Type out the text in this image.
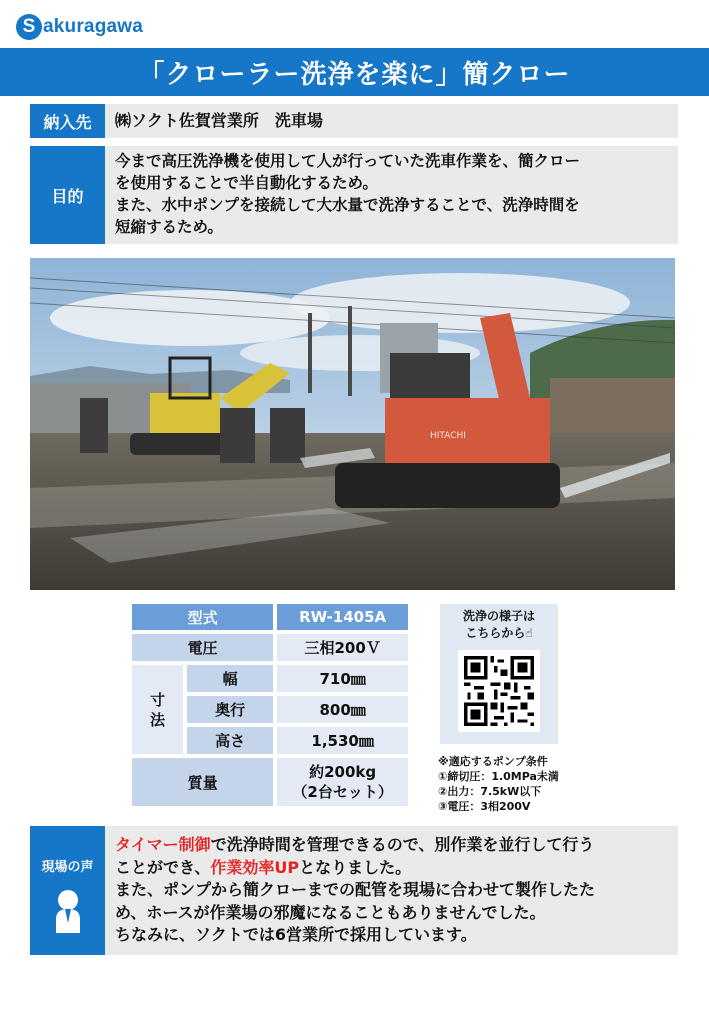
S akuragawa
「クローラー洗浄を楽に」簡クロー
納入先	㈱ソクト佐賀営業所　洗車場
目的
今まで高圧洗浄機を使用して人が行っていた洗車作業を、簡クロー
を使用することで半自動化するため。
また、水中ポンプを接続して大水量で洗浄することで、洗浄時間を
短縮するため。
HITACHI
型式		RW-1405A
電圧		三相200Ｖ

寸
法	幅	710㎜
	奥行	800㎜
	高さ	1,530㎜
質量		約200kg
（2台セット）
洗浄の様子は
こちらから☝
※適応するポンプ条件
①締切圧：1.0MPa未満
②出力：7.5kW以下
③電圧：3相200V
現場の声
タイマー制御で洗浄時間を管理できるので、別作業を並行して行う
ことができ、作業効率UPとなりました。
また、ポンプから簡クローまでの配管を現場に合わせて製作したた
め、ホースが作業場の邪魔になることもありませんでした。
ちなみに、ソクトでは6営業所で採用しています。
